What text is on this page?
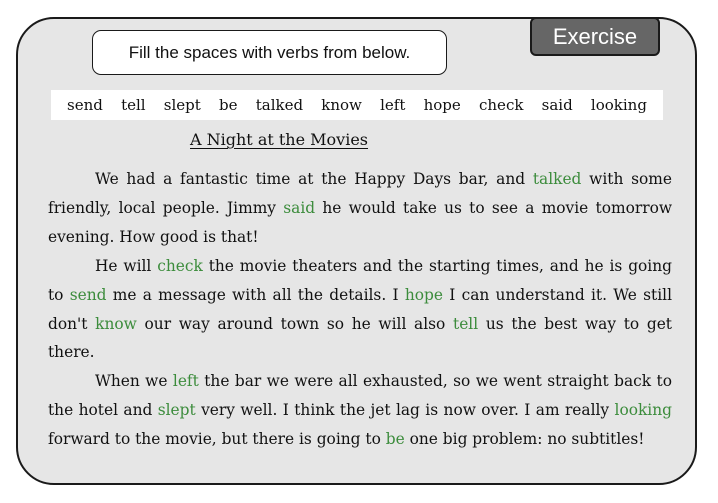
Exercise
Fill the spaces with verbs from below.
send tell slept be talked know left hope check said looking
A Night at the Movies

We had a fantastic time at the Happy Days bar, and talked with some friendly, local people. Jimmy said he would take us to see a movie tomorrow evening. How good is that!

He will check the movie theaters and the starting times, and he is going to send me a message with all the details. I hope I can understand it. We still don't know our way around town so he will also tell us the best way to get there.

When we left the bar we were all exhausted, so we went straight back to the hotel and slept very well. I think the jet lag is now over. I am really looking forward to the movie, but there is going to be one big problem: no subtitles!
